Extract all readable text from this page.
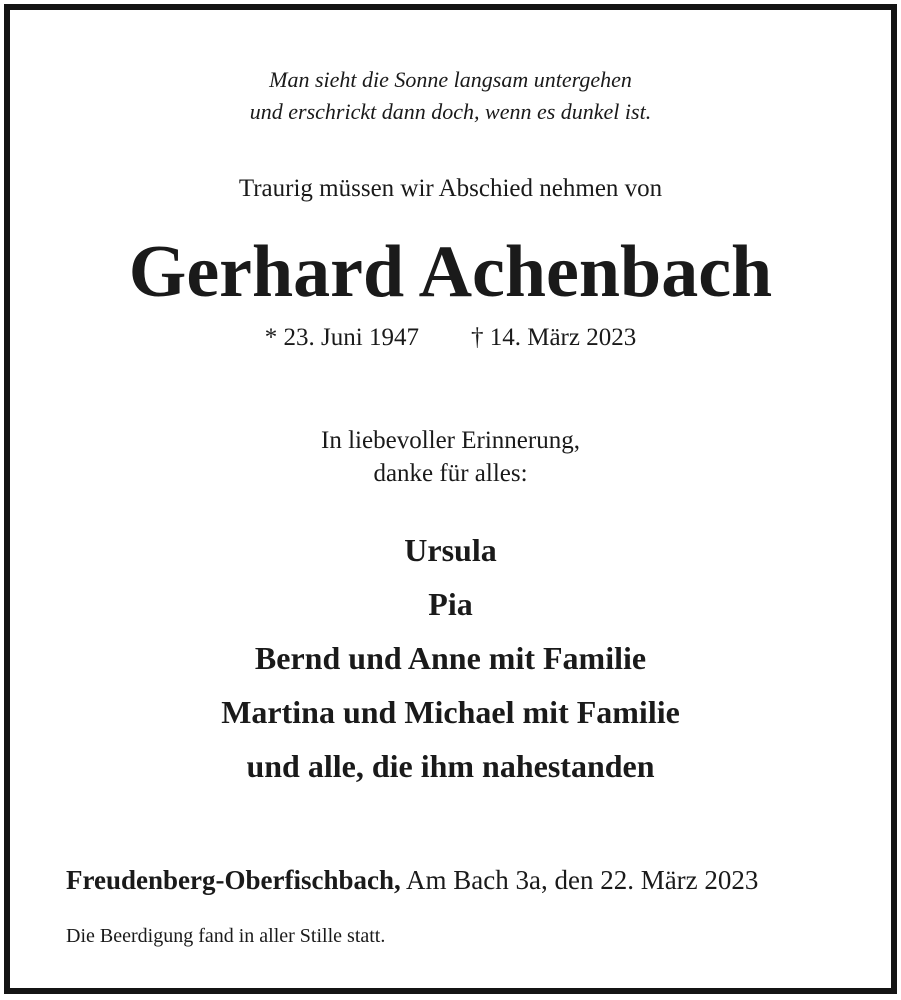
Man sieht die Sonne langsam untergehen
und erschrickt dann doch, wenn es dunkel ist.
Traurig müssen wir Abschied nehmen von
Gerhard Achenbach
* 23. Juni 1947 † 14. März 2023
In liebevoller Erinnerung,
danke für alles:
Ursula
Pia
Bernd und Anne mit Familie
Martina und Michael mit Familie
und alle, die ihm nahestanden
Freudenberg-Oberfischbach, Am Bach 3a, den 22. März 2023
Die Beerdigung fand in aller Stille statt.
